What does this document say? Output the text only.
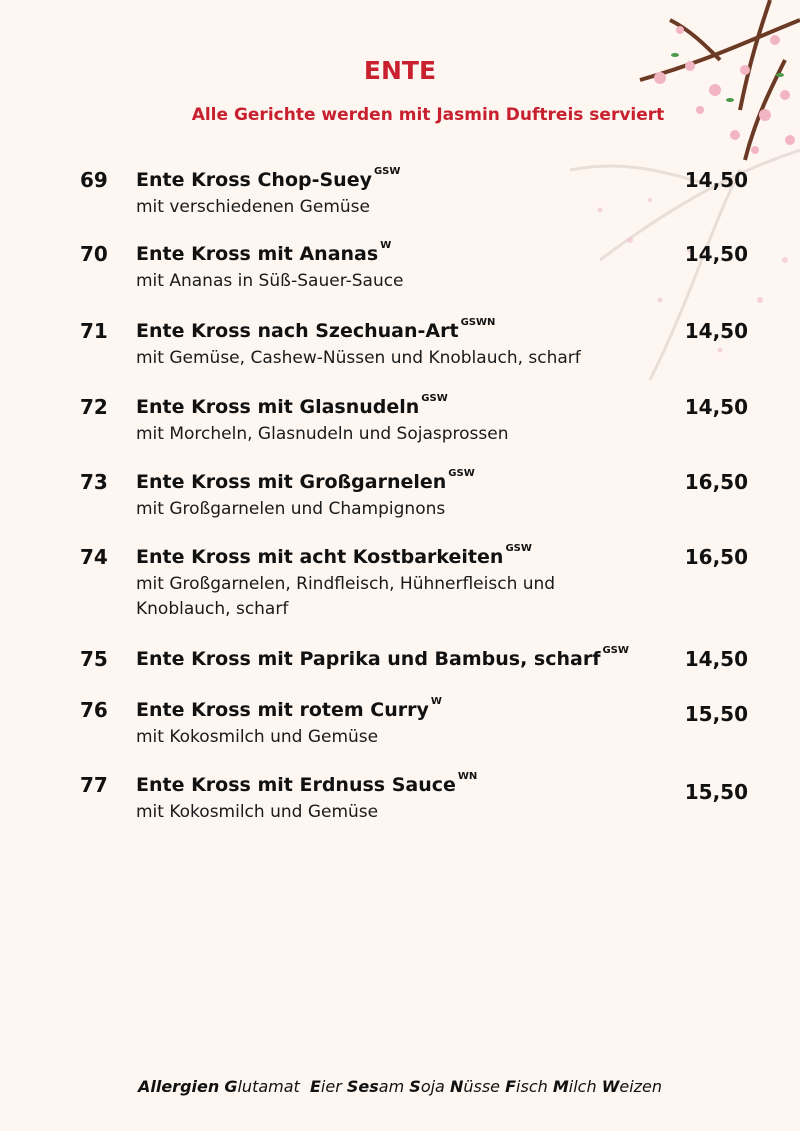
ENTE
Alle Gerichte werden mit Jasmin Duftreis serviert
69 Ente Kross Chop-Suey $^{GSW}$
mit verschiedenen Gemüse
14,50
70 Ente Kross mit Ananas $^W$
mit Ananas in Süß-Sauer-Sauce
14,50
71 Ente Kross nach Szechuan-Art $^{GSWN}$
mit Gemüse, Cashew-Nüssen und Knoblauch, scharf
14,50
72 Ente Kross mit Glasnudeln $^{GSW}$
mit Morcheln, Glasnudeln und Sojasprossen
14,50
73 Ente Kross mit Großgarnelen $^{GSW}$
mit Großgarnelen und Champignons
16,50
74 Ente Kross mit acht Kostbarkeiten $^{GSW}$
mit Großgarnelen, Rindfleisch, Hühnerfleisch und Knoblauch, scharf
16,50
75 Ente Kross mit Paprika und Bambus, scharf $^{GSW}$	14,50
76 Ente Kross mit rotem Curry $^W$
mit Kokosmilch und Gemüse
15,50
77 Ente Kross mit Erdnuss Sauce $^{WN}$
mit Kokosmilch und Gemüse
15,50
Allergien Glutamat Eier Sesam Soja Nüsse Fisch Milch Weizen
